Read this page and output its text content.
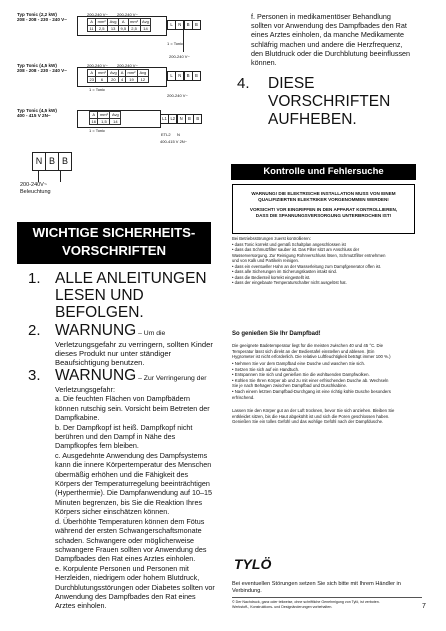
Typ Tonic (2,2 kW)
208 - 208 - 230 - 240 V~
200-240 V~ 200-240 V~
A	mm²	Avg	A	mm²	Avg
11	2,5	13	9,5	2,5	14
L	N	B	B
1 = Tonic
200-240 V~
Typ Tonic (4,5 kW)
208 - 208 - 230 - 240 V~
200-240 V~ 200-240 V~
A	mm²	Avg	A	mm²	Avg
23	6	20	4	19	12
L	N	B	B
1 = Tonic
200-240 V~
Typ Tonic (4,5 kW)
400 - 415 V 2N~	A	mm²	Avg
16	1,5	14
L1 L2	N	B	B
1 = Tonic
ETL2 N
400-415 V 2N~
N B B
200-240V~
Beleuchtung
WICHTIGE SICHERHEITS-
VORSCHRIFTEN
1. ALLE ANLEITUNGEN
LESEN UND
BEFOLGEN.
2. WARNUNG – Um die
Verletzungsgefahr zu verringern, sollten Kinder
dieses Produkt nur unter ständiger
Beaufsichtigung benutzen.
3. WARNUNG – Zur Verringerung der
Verletzungsgefahr:
a. Die feuchten Flächen von Dampfbädern
können rutschig sein. Vorsicht beim Betreten der
Dampfkabine.
b. Der Dampfkopf ist heiß. Dampfkopf nicht
berühren und den Dampf in Nähe des
Dampfkopfes fern bleiben.
c. Ausgedehnte Anwendung des Dampfsystems
kann die innere Körpertemperatur des Menschen
übermäßig erhöhen und die Fähigkeit des
Körpers der Temperaturregelung beeinträchtigen
(Hyperthermie). Die Dampfanwendung auf 10–15
Minuten begrenzen, bis Sie die Reaktion Ihres
Körpers sicher einschätzen können.
d. Überhöhte Temperaturen können dem Fötus
während der ersten Schwangerschaftsmonate
schaden. Schwangere oder möglicherweise
schwangere Frauen sollten vor Anwendung des
Dampfbades den Rat eines Arztes einholen.
e. Korpulente Personen und Personen mit
Herzleiden, niedrigem oder hohem Blutdruck,
Durchblutungsstörungen oder Diabetes sollten vor
Anwendung des Dampfbades den Rat eines
Arztes einholen.
f. Personen in medikamentöser Behandlung
sollten vor Anwendung des Dampfbades den Rat
eines Arztes einholen, da manche Medikamente
schläfrig machen und andere die Herzfrequenz,
den Blutdruck oder die Durchblutung beeinflussen
können.
4. DIESE
VORSCHRIFTEN
AUFHEBEN.
Kontrolle und Fehlersuche
WARNUNG! DIE ELEKTRISCHE INSTALLATION MUSS VON EINEM
QUALIFIZIERTEN ELEKTRIKER VORGENOMMEN WERDEN!
VORSICHT! VOR EINGRIFFEN IN DEN APPARAT KONTROLLIEREN,
DASS DIE SPANNUNGSVERSORGUNG UNTERBROCHEN IST!
Bei Betriebsstörungen zuerst kontrollieren:
• dass Tonic korrekt und gemäß Schaltplan angeschlossen ist
• dass das Schmutzfilter sauber ist. Das Filter sitzt am Anschluss der
Wasserversorgung. Zur Reinigung Rohrverschluss lösen, Schmutzfilter entnehmen
und von Kalk und Partikeln reinigen.
• dass ein eventueller Hahn an der Wasserleitung zum Dampfgenerator offen ist.
• dass alle Sicherungen im Sicherungskasten intakt sind.
• dass die Bedienteil korrekt eingestellt ist.
• dass der eingebaute Temperaturschalter nicht ausgelöst hat.
So genießen Sie Ihr Dampfbad!
Die geeignete Badetemperatur liegt für die meisten zwischen 40 und 45 °C. Die
Temperatur lässt sich direkt an der Bedientafel einstellen und ablesen. (Ein
Hygrometer ist nicht erforderlich. Die relative Luftfeuchtigkeit beträgt immer 100 %.)
• Nehmen Sie vor dem Dampfbad eine Dusche und waschen Sie sich.
• Setzen Sie sich auf ein Handtuch.
• Entspannen Sie sich und genießen Sie die wohltuenden Dampfwolken.
• Kühlen Sie Ihren Körper ab und zu mit einer erfrischenden Dusche ab. Wechseln
Sie je nach Behagen zwischen Dampfbad und Duschkabine.
• Nach einem letzten Dampfbad-Durchgang ist eine richtig kühle Dusche besonders
erfrischend.
Lassen Sie den Körper gut an der Luft trocknen, bevor Sie sich anziehen. Bleiben Sie
entkleidet sitzen, bis die Haut abgekühlt ist und sich die Poren geschlossen haben.
Genießen Sie ein tolles Gefühl und das wohlige Gefühl nach der Dampfdusche.
TYLÖ
Bei eventuellen Störungen setzen Sie sich bitte mit Ihrem Händler in
Verbindung.
© Der Nachdruck, ganz oder teilweise, ohne schriftliche Genehmigung von Tylö, ist verboten.
Werkstoff-, Konstruktions- und Designänderungen vorbehalten.	7
